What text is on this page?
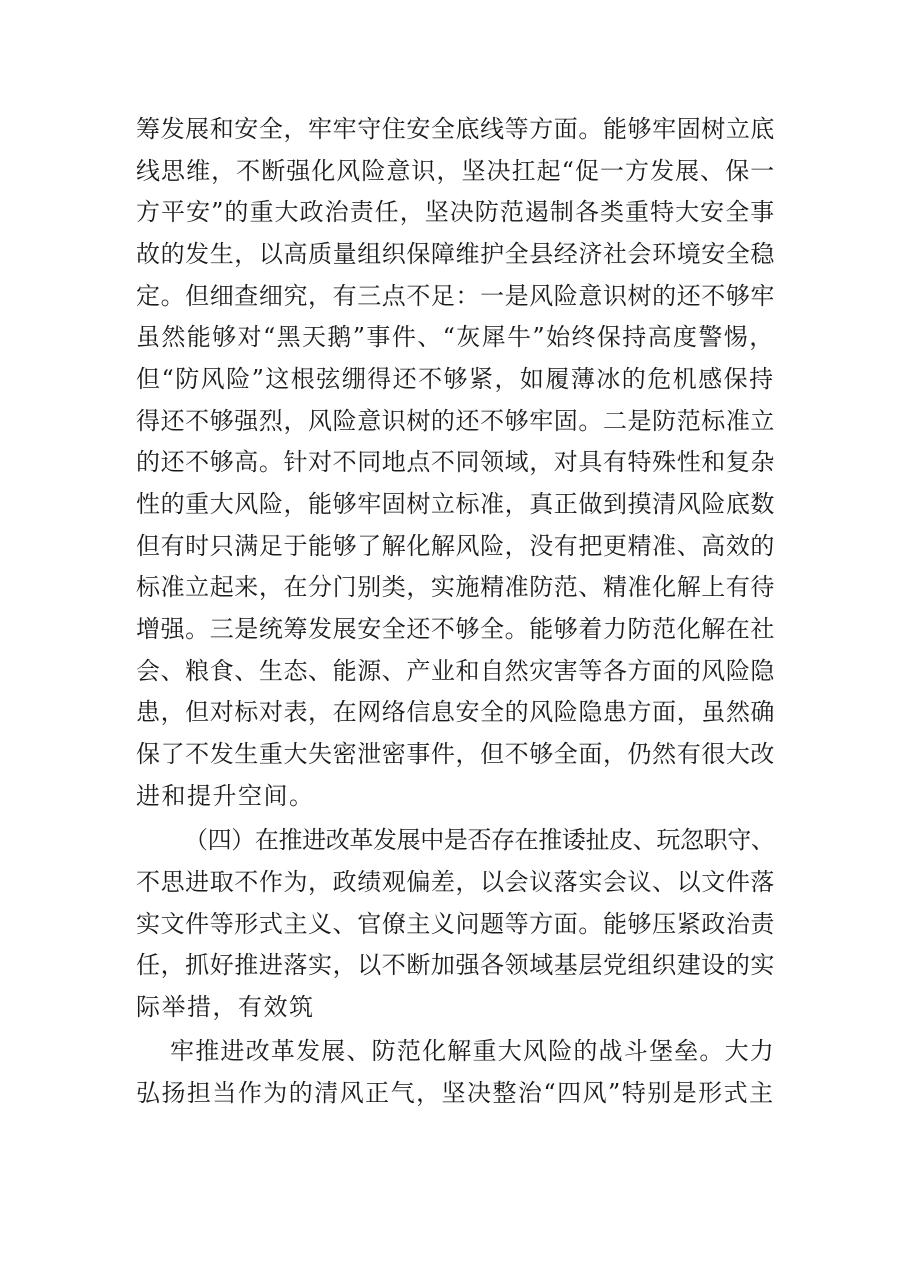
筹发展和安全，牢牢守住安全底线等方面。能够牢固树立底

线思维，不断强化风险意识，坚决扛起“促一方发展、保一

方平安”的重大政治责任，坚决防范遏制各类重特大安全事

故的发生，以高质量组织保障维护全县经济社会环境安全稳

定。但细查细究，有三点不足：一是风险意识树的还不够牢

虽然能够对“黑天鹅”事件、“灰犀牛”始终保持高度警惕，

但“防风险”这根弦绷得还不够紧，如履薄冰的危机感保持

得还不够强烈，风险意识树的还不够牢固。二是防范标准立

的还不够高。针对不同地点不同领域，对具有特殊性和复杂

性的重大风险，能够牢固树立标准，真正做到摸清风险底数

但有时只满足于能够了解化解风险，没有把更精准、高效的

标准立起来，在分门别类，实施精准防范、精准化解上有待

增强。三是统筹发展安全还不够全。能够着力防范化解在社

会、粮食、生态、能源、产业和自然灾害等各方面的风险隐

患，但对标对表，在网络信息安全的风险隐患方面，虽然确

保了不发生重大失密泄密事件，但不够全面，仍然有很大改

进和提升空间。

（四）在推进改革发展中是否存在推诿扯皮、玩忽职守、

不思进取不作为，政绩观偏差，以会议落实会议、以文件落

实文件等形式主义、官僚主义问题等方面。能够压紧政治责

任，抓好推进落实，以不断加强各领域基层党组织建设的实

际举措，有效筑

牢推进改革发展、防范化解重大风险的战斗堡垒。大力

弘扬担当作为的清风正气，坚决整治“四风”特别是形式主
